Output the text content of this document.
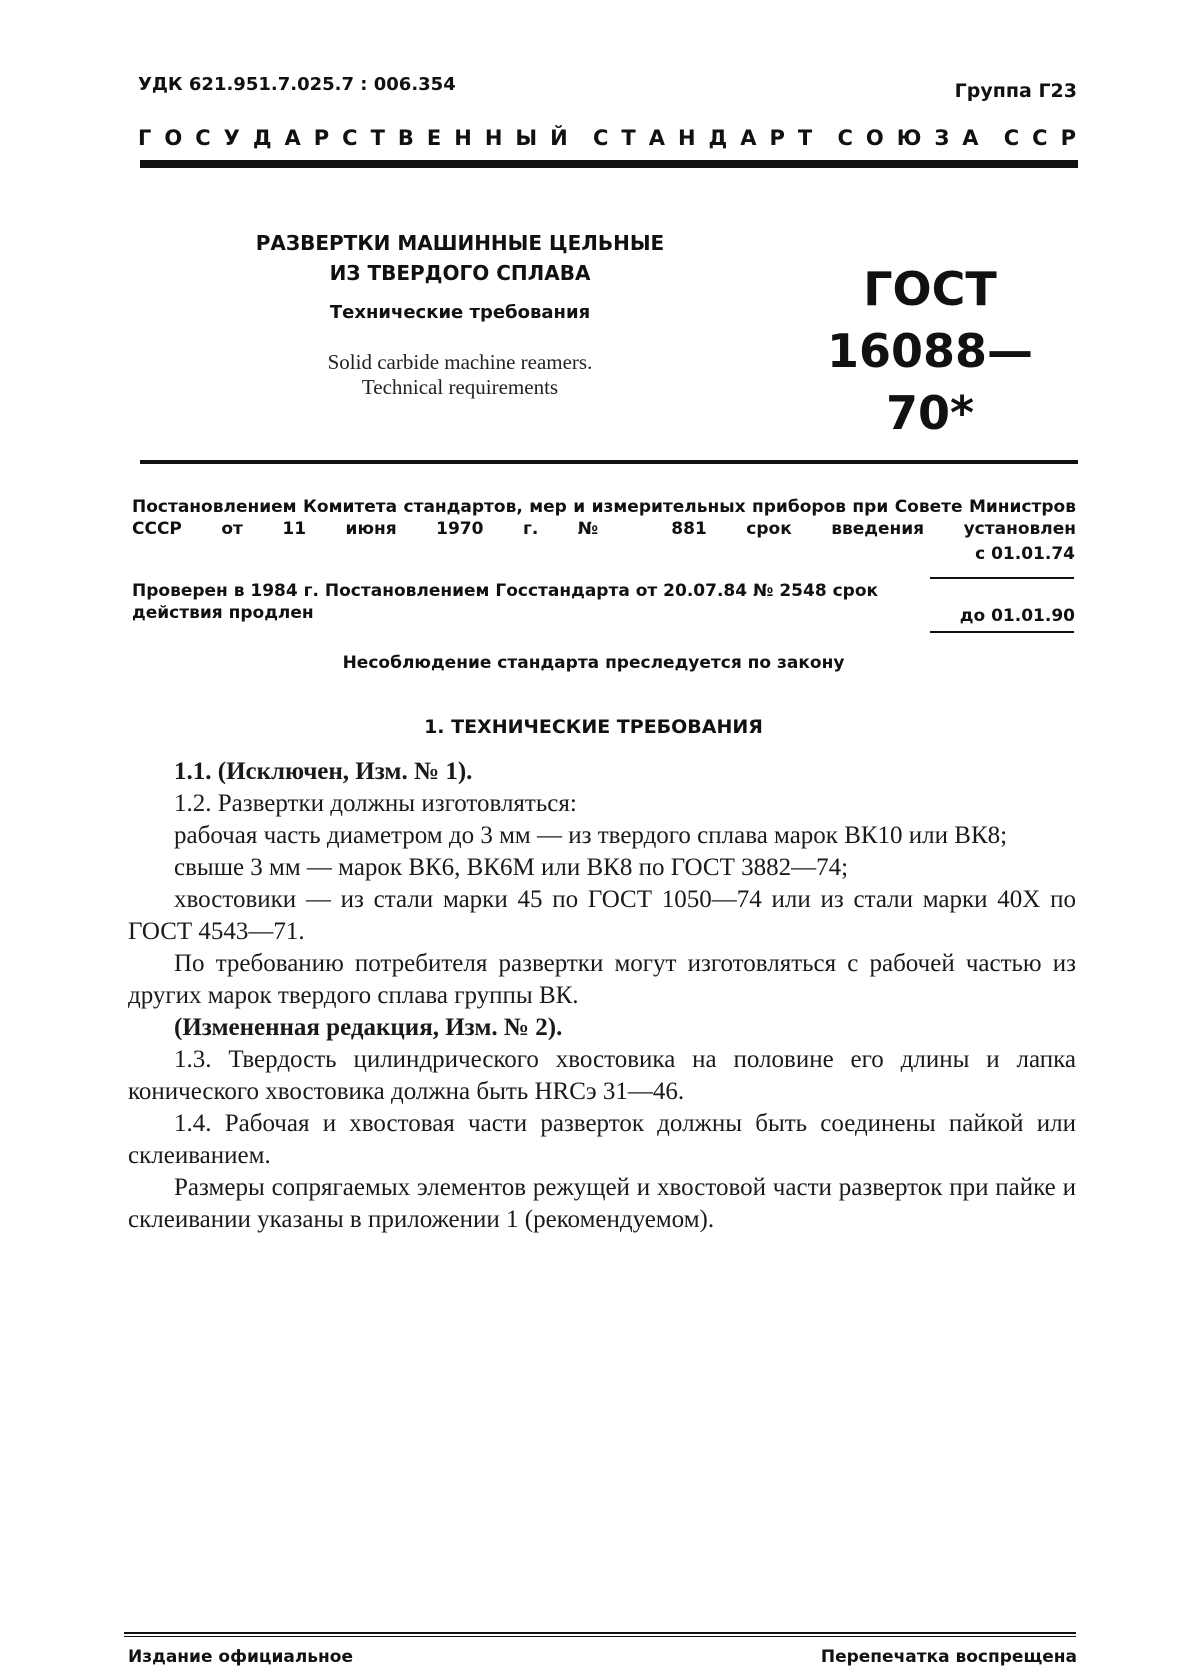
УДК 621.951.7.025.7 : 006.354	Группа Г23
ГОСУДАРСТВЕННЫЙ СТАНДАРТ СОЮЗА ССР
РАЗВЕРТКИ МАШИННЫЕ ЦЕЛЬНЫЕ
ИЗ ТВЕРДОГО СПЛАВА
Технические требования
Solid carbide machine reamers.
Technical requirements
ГОСТ
16088—70*
Постановлением Комитета стандартов, мер и измерительных приборов при Совете Министров СССР от 11 июня 1970 г. № 881 срок введения установлен
с 01.01.74
Проверен в 1984 г. Постановлением Госстандарта от 20.07.84 № 2548 срок действия продлен	до 01.01.90
Несоблюдение стандарта преследуется по закону
1. ТЕХНИЧЕСКИЕ ТРЕБОВАНИЯ

1.1. (Исключен, Изм. № 1).

1.2. Развертки должны изготовляться:

рабочая часть диаметром до 3 мм — из твердого сплава марок ВК10 или ВК8;

свыше 3 мм — марок ВК6, ВК6М или ВК8 по ГОСТ 3882—74;

хвостовики — из стали марки 45 по ГОСТ 1050—74 или из стали марки 40Х по ГОСТ 4543—71.

По требованию потребителя развертки могут изготовляться с рабочей частью из других марок твердого сплава группы ВК.

(Измененная редакция, Изм. № 2).

1.3. Твердость цилиндрического хвостовика на половине его длины и лапка конического хвостовика должна быть HRCэ 31—46.

1.4. Рабочая и хвостовая части разверток должны быть соединены пайкой или склеиванием.

Размеры сопрягаемых элементов режущей и хвостовой части разверток при пайке и склеивании указаны в приложении 1 (рекомендуемом).

Издание официальное	Перепечатка воспрещена
